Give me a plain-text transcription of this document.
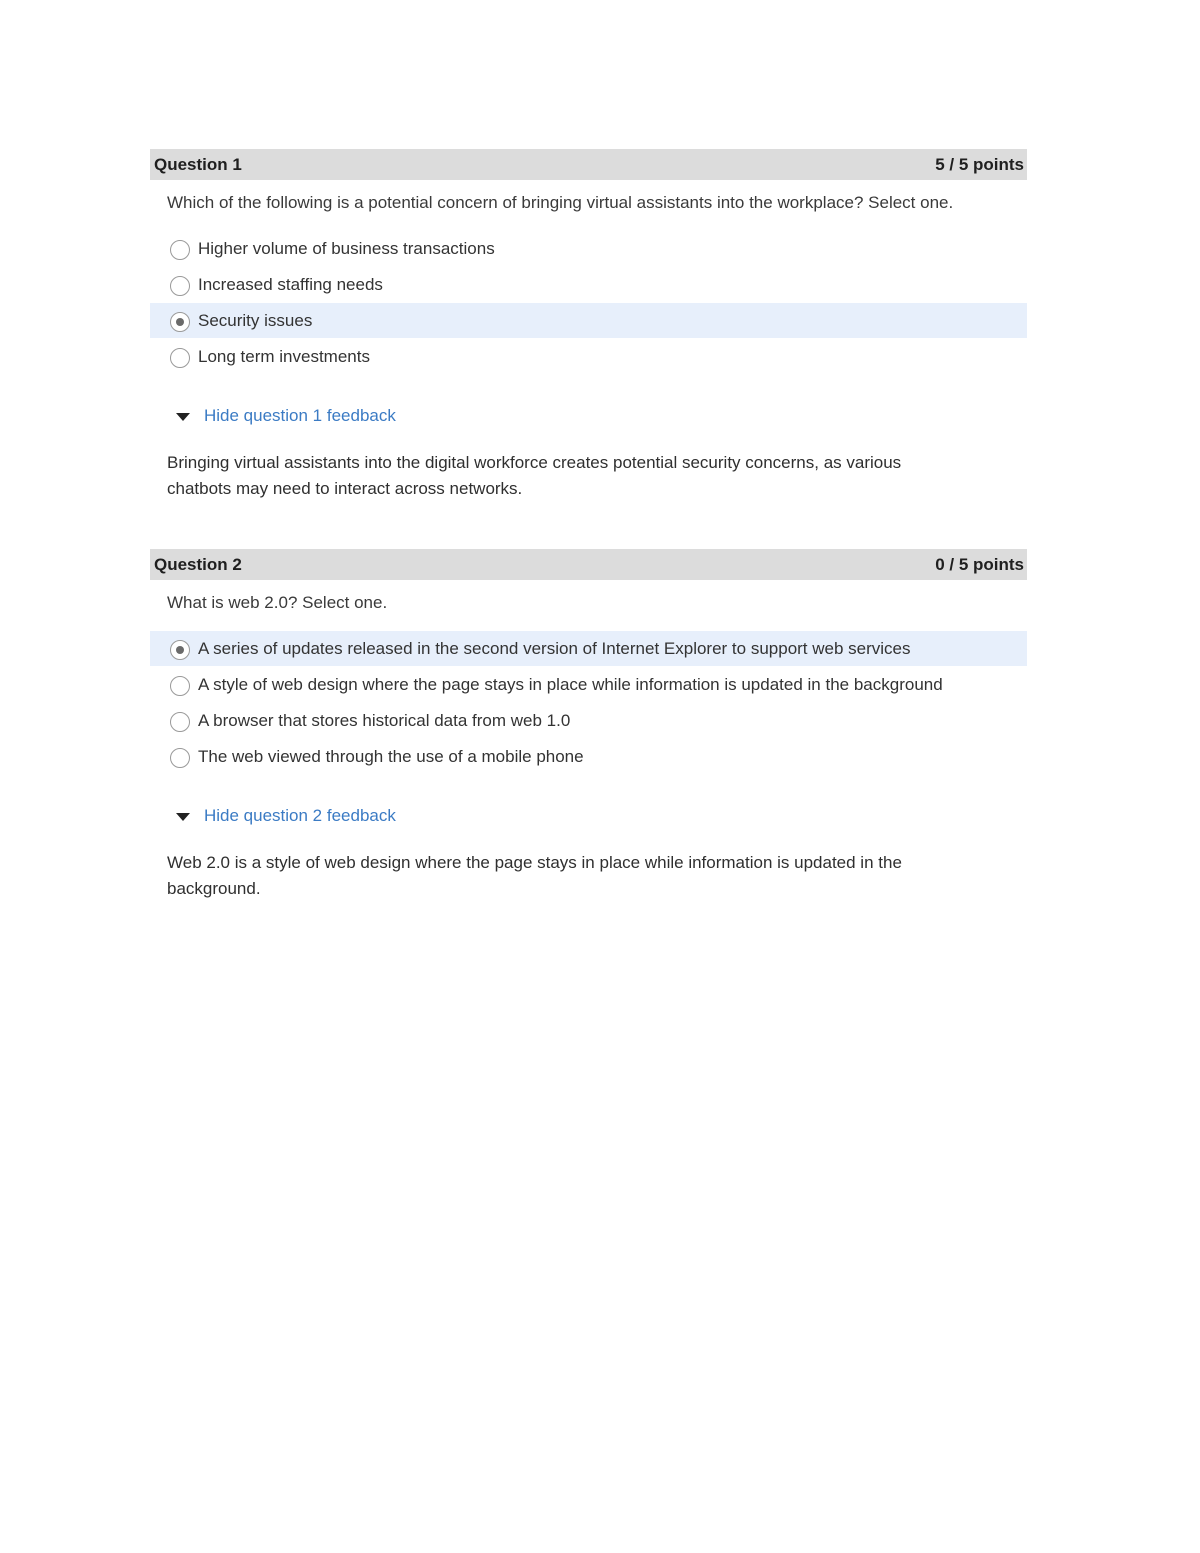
Question 1	5 / 5 points
Which of the following is a potential concern of bringing virtual assistants into the workplace? Select one.
Higher volume of business transactions
Increased staffing needs
Security issues
Long term investments
Hide question 1 feedback
Bringing virtual assistants into the digital workforce creates potential security concerns, as various chatbots may need to interact across networks.
Question 2	0 / 5 points
What is web 2.0? Select one.
A series of updates released in the second version of Internet Explorer to support web services
A style of web design where the page stays in place while information is updated in the background
A browser that stores historical data from web 1.0
The web viewed through the use of a mobile phone
Hide question 2 feedback
Web 2.0 is a style of web design where the page stays in place while information is updated in the background.
